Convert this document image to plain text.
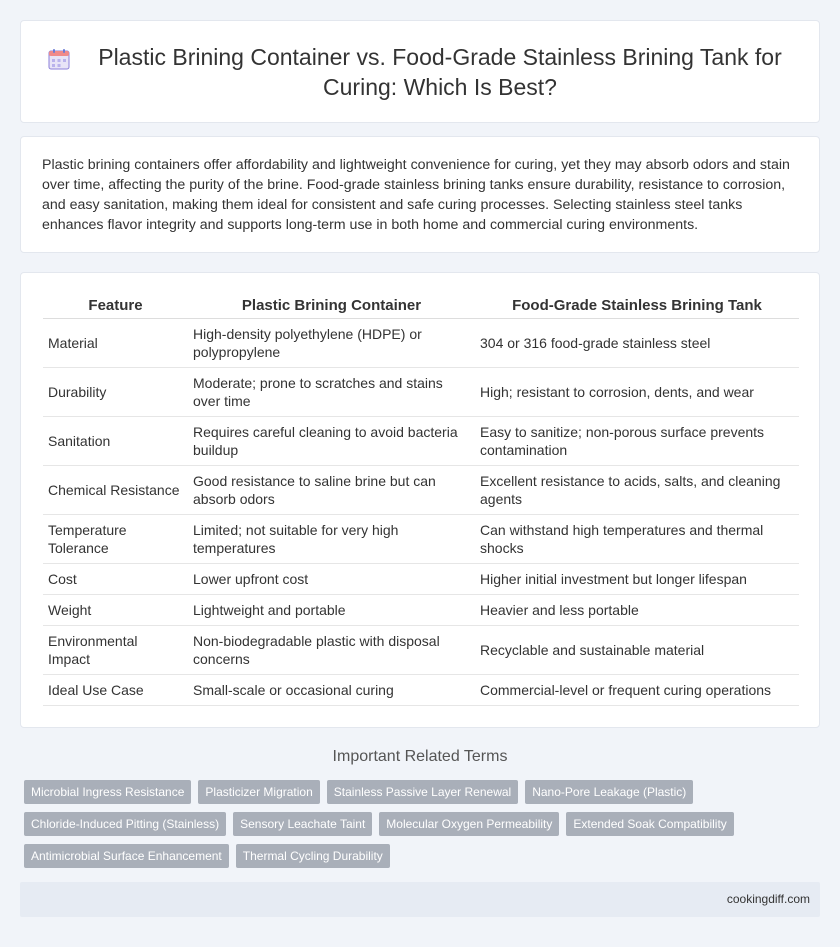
Plastic Brining Container vs. Food-Grade Stainless Brining Tank for Curing: Which Is Best?

Plastic brining containers offer affordability and lightweight convenience for curing, yet they may absorb odors and stain over time, affecting the purity of the brine. Food-grade stainless brining tanks ensure durability, resistance to corrosion, and easy sanitation, making them ideal for consistent and safe curing processes. Selecting stainless steel tanks enhances flavor integrity and supports long-term use in both home and commercial curing environments.

Feature	Plastic Brining Container	Food-Grade Stainless Brining Tank
Material	High-density polyethylene (HDPE) or polypropylene	304 or 316 food-grade stainless steel
Durability	Moderate; prone to scratches and stains over time	High; resistant to corrosion, dents, and wear
Sanitation	Requires careful cleaning to avoid bacteria buildup	Easy to sanitize; non-porous surface prevents contamination
Chemical Resistance	Good resistance to saline brine but can absorb odors	Excellent resistance to acids, salts, and cleaning agents
Temperature Tolerance	Limited; not suitable for very high temperatures	Can withstand high temperatures and thermal shocks
Cost	Lower upfront cost	Higher initial investment but longer lifespan
Weight	Lightweight and portable	Heavier and less portable
Environmental Impact	Non-biodegradable plastic with disposal concerns	Recyclable and sustainable material
Ideal Use Case	Small-scale or occasional curing	Commercial-level or frequent curing operations
Important Related Terms
Microbial Ingress Resistance	Plasticizer Migration	Stainless Passive Layer Renewal	Nano-Pore Leakage (Plastic)
Chloride-Induced Pitting (Stainless)	Sensory Leachate Taint	Molecular Oxygen Permeability	Extended Soak Compatibility
Antimicrobial Surface Enhancement	Thermal Cycling Durability
cookingdiff.com
